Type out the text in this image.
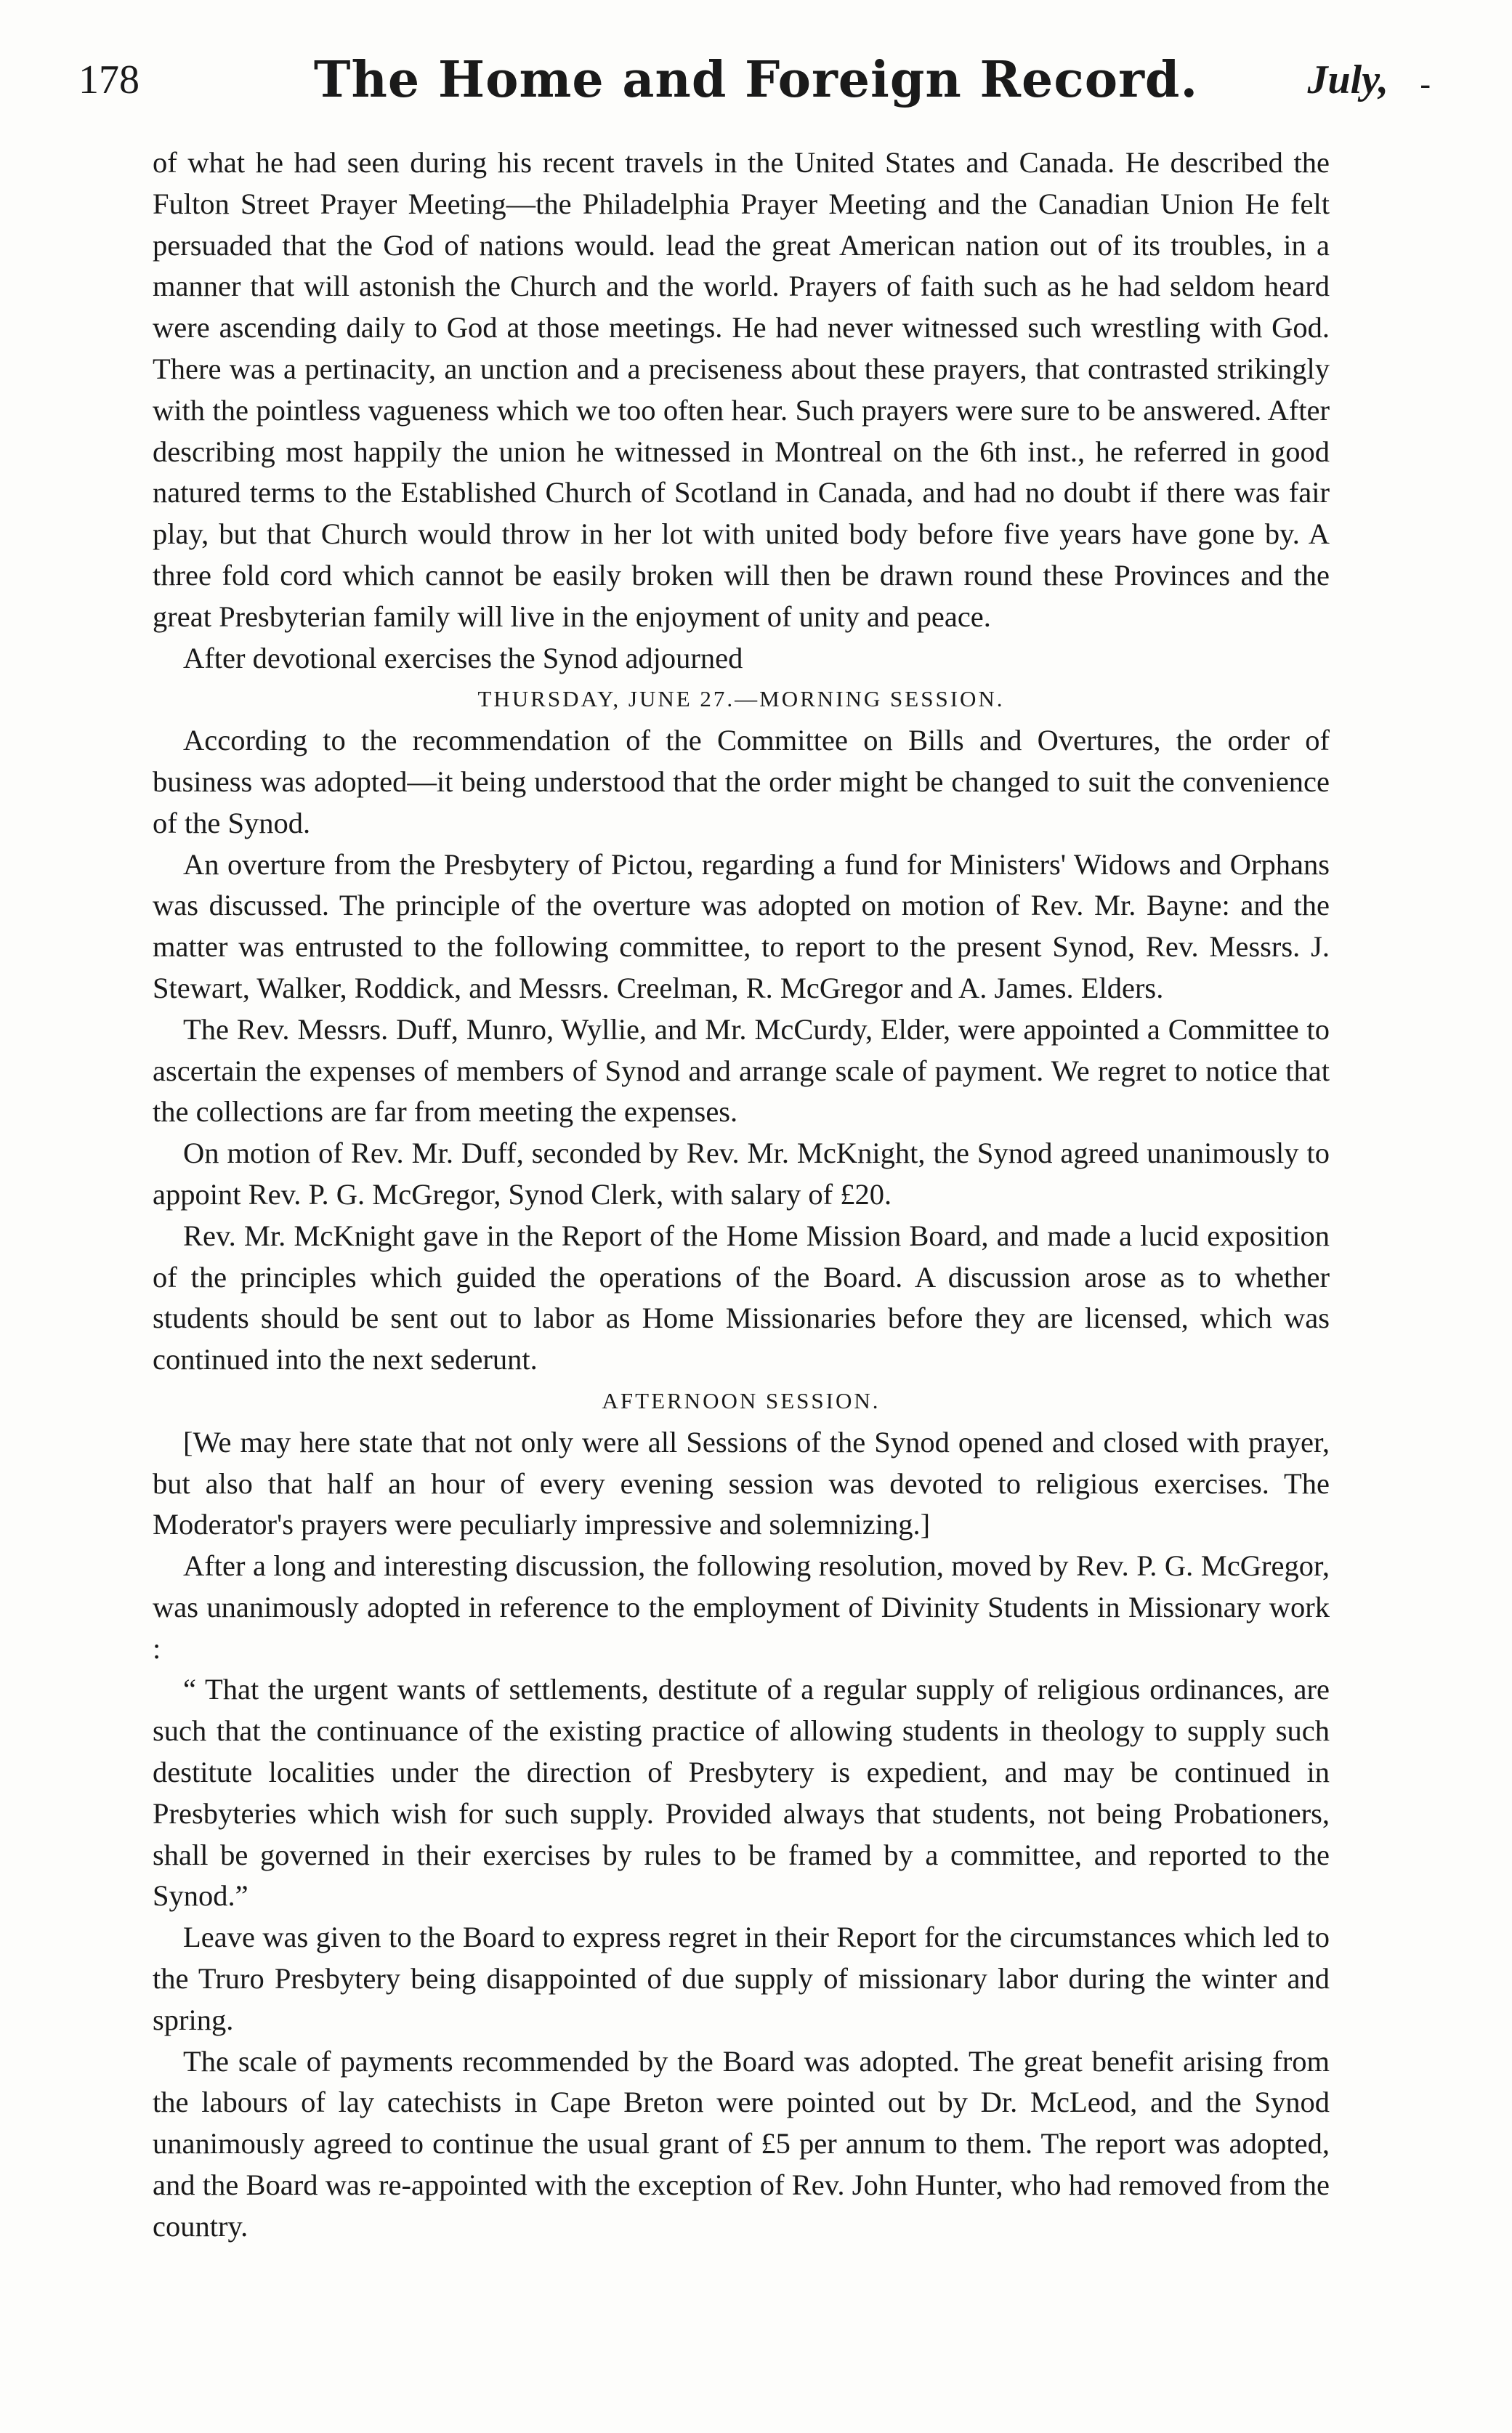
178	The Home and Foreign Record.	July, -

of what he had seen during his recent travels in the United States and Canada. He described the Fulton Street Prayer Meeting—the Philadelphia Prayer Meeting and the Canadian Union He felt persuaded that the God of nations would. lead the great American nation out of its troubles, in a manner that will astonish the Church and the world. Prayers of faith such as he had seldom heard were ascending daily to God at those meetings. He had never witnessed such wrestling with God. There was a pertinacity, an unction and a preciseness about these prayers, that contrasted strikingly with the pointless vagueness which we too often hear. Such prayers were sure to be answered. After describing most happily the union he witnessed in Montreal on the 6th inst., he referred in good natured terms to the Established Church of Scotland in Canada, and had no doubt if there was fair play, but that Church would throw in her lot with united body before five years have gone by. A three fold cord which cannot be easily broken will then be drawn round these Provinces and the great Presbyterian family will live in the enjoyment of unity and peace.

After devotional exercises the Synod adjourned

THURSDAY, JUNE 27.—MORNING SESSION.

According to the recommendation of the Committee on Bills and Overtures, the order of business was adopted—it being understood that the order might be changed to suit the convenience of the Synod.

An overture from the Presbytery of Pictou, regarding a fund for Ministers' Widows and Orphans was discussed. The principle of the overture was adopted on motion of Rev. Mr. Bayne: and the matter was entrusted to the following committee, to report to the present Synod, Rev. Messrs. J. Stewart, Walker, Roddick, and Messrs. Creelman, R. McGregor and A. James. Elders.

The Rev. Messrs. Duff, Munro, Wyllie, and Mr. McCurdy, Elder, were appointed a Committee to ascertain the expenses of members of Synod and arrange scale of payment. We regret to notice that the collections are far from meeting the expenses.

On motion of Rev. Mr. Duff, seconded by Rev. Mr. McKnight, the Synod agreed unanimously to appoint Rev. P. G. McGregor, Synod Clerk, with salary of £20.

Rev. Mr. McKnight gave in the Report of the Home Mission Board, and made a lucid exposition of the principles which guided the operations of the Board. A discussion arose as to whether students should be sent out to labor as Home Missionaries before they are licensed, which was continued into the next sederunt.

AFTERNOON SESSION.

[We may here state that not only were all Sessions of the Synod opened and closed with prayer, but also that half an hour of every evening session was devoted to religious exercises. The Moderator's prayers were peculiarly impressive and solemnizing.]

After a long and interesting discussion, the following resolution, moved by Rev. P. G. McGregor, was unanimously adopted in reference to the employment of Divinity Students in Missionary work :

“ That the urgent wants of settlements, destitute of a regular supply of religious ordinances, are such that the continuance of the existing practice of allowing students in theology to supply such destitute localities under the direction of Presbytery is expedient, and may be continued in Presbyteries which wish for such supply. Provided always that students, not being Probationers, shall be governed in their exercises by rules to be framed by a committee, and reported to the Synod.”

Leave was given to the Board to express regret in their Report for the circumstances which led to the Truro Presbytery being disappointed of due supply of missionary labor during the winter and spring.

The scale of payments recommended by the Board was adopted. The great benefit arising from the labours of lay catechists in Cape Breton were pointed out by Dr. McLeod, and the Synod unanimously agreed to continue the usual grant of £5 per annum to them. The report was adopted, and the Board was re-appointed with the exception of Rev. John Hunter, who had removed from the country.
